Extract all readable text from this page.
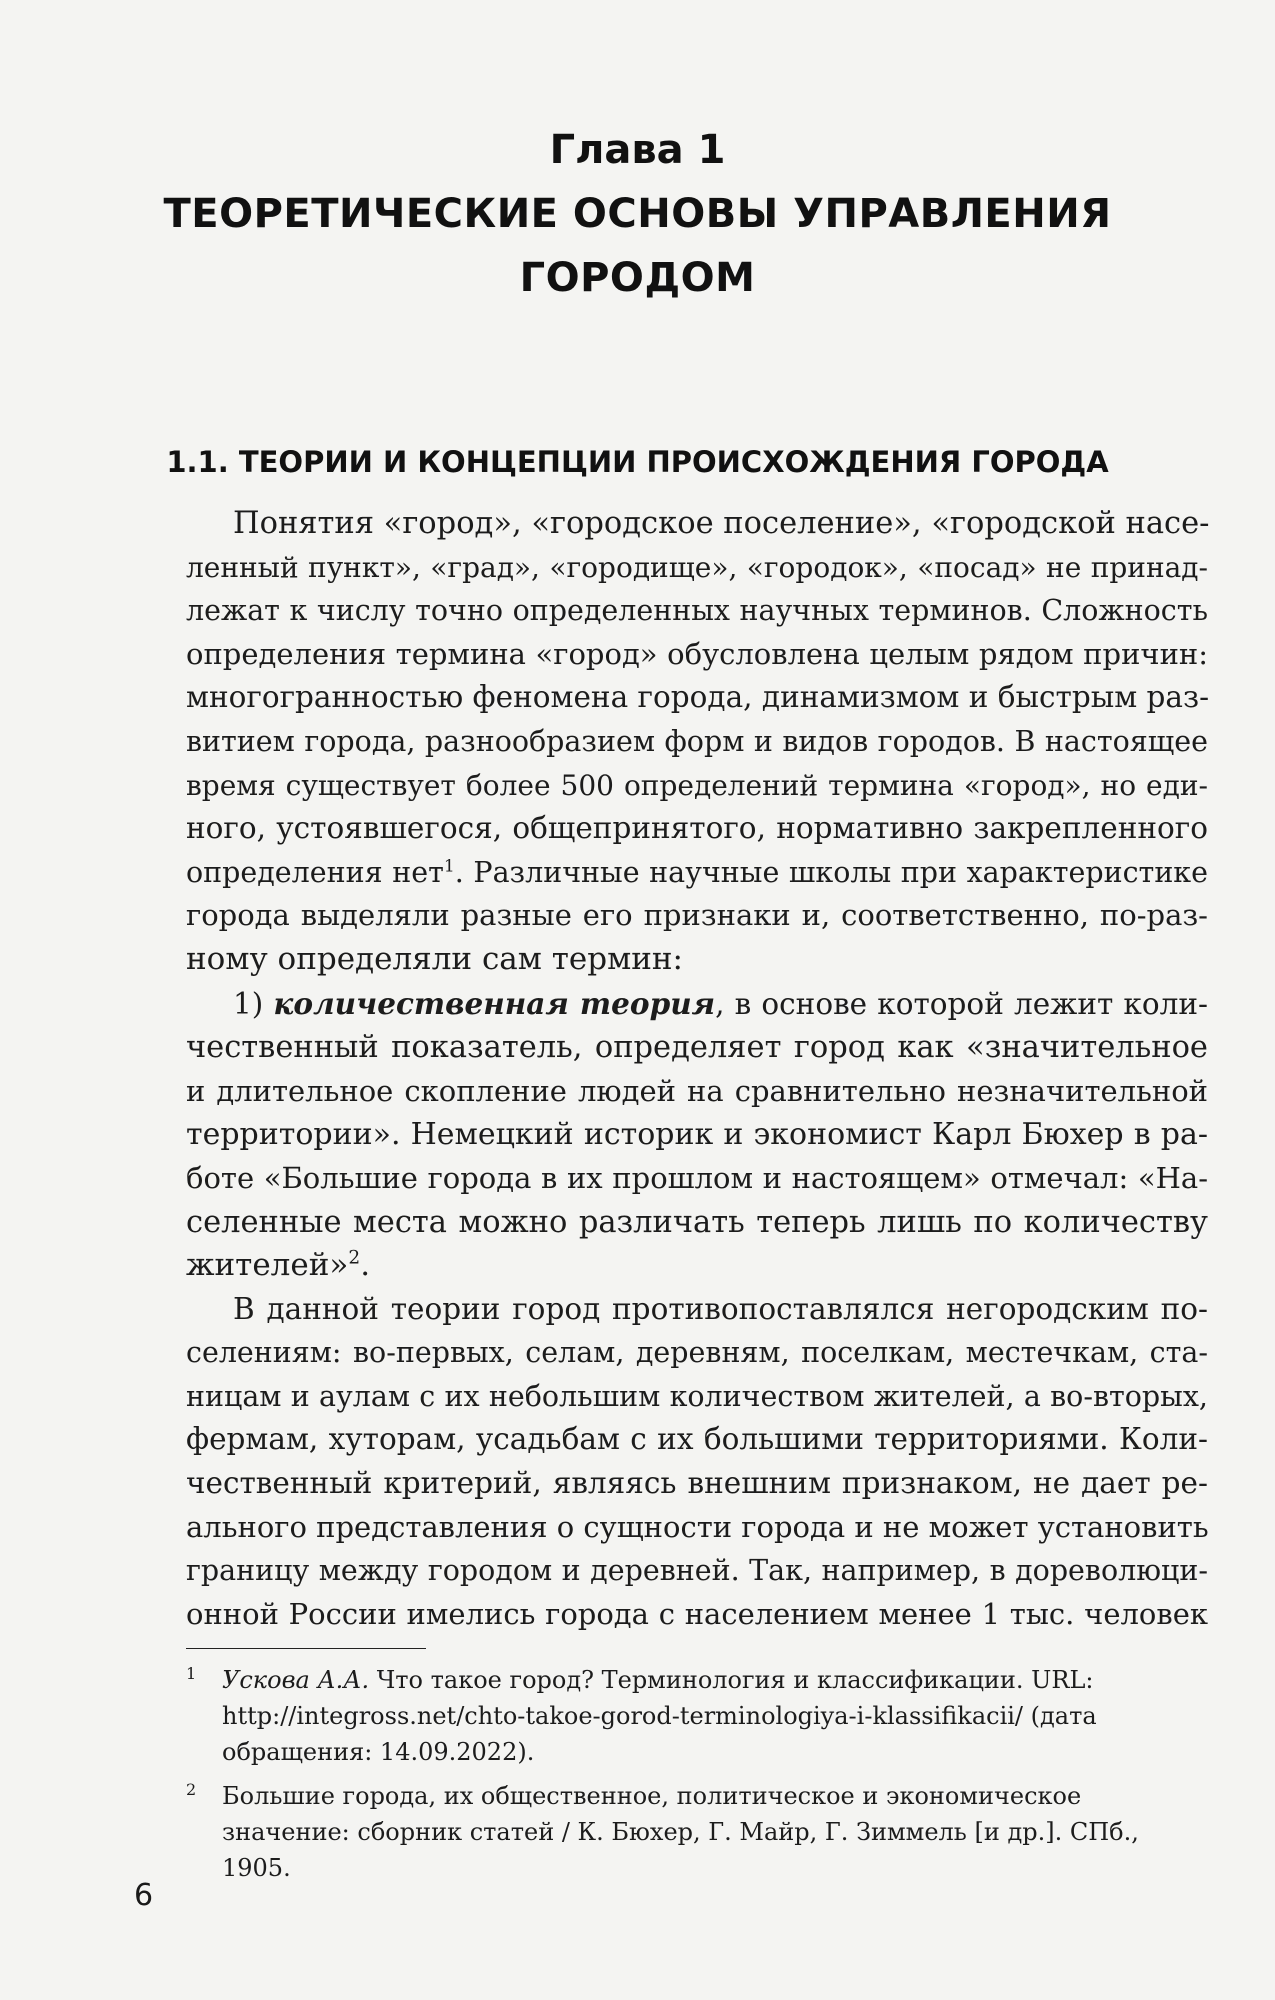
Глава 1
ТЕОРЕТИЧЕСКИЕ ОСНОВЫ УПРАВЛЕНИЯ
ГОРОДОМ
1.1. ТЕОРИИ И КОНЦЕПЦИИ ПРОИСХОЖДЕНИЯ ГОРОДА
Понятия «город», «городское поселение», «городской насе-
ленный пункт», «град», «городище», «городок», «посад» не принад-
лежат к числу точно определенных научных терминов. Сложность
определения термина «город» обусловлена целым рядом причин:
многогранностью феномена города, динамизмом и быстрым раз-
витием города, разнообразием форм и видов городов. В настоящее
время существует более 500 определений термина «город», но еди-
ного, устоявшегося, общепринятого, нормативно закрепленного
определения нет$^1$. Различные научные школы при характеристике
города выделяли разные его признаки и, соответственно, по-раз-
ному определяли сам термин:
1) количественная теория, в основе которой лежит коли-
чественный показатель, определяет город как «значительное
и длительное скопление людей на сравнительно незначительной
территории». Немецкий историк и экономист Карл Бюхер в ра-
боте «Большие города в их прошлом и настоящем» отмечал: «На-
селенные места можно различать теперь лишь по количеству
жителей»$^2$.
В данной теории город противопоставлялся негородским по-
селениям: во-первых, селам, деревням, поселкам, местечкам, ста-
ницам и аулам с их небольшим количеством жителей, а во-вторых,
фермам, хуторам, усадьбам с их большими территориями. Коли-
чественный критерий, являясь внешним признаком, не дает ре-
ального представления о сущности города и не может установить
границу между городом и деревней. Так, например, в дореволюци-
онной России имелись города с населением менее 1 тыс. человек
1 Ускова А.А. Что такое город? Терминология и классификации. URL: http://integross.net/chto-takoe-gorod-terminologiya-i-klassifikacii/ (дата обращения: 14.09.2022).
2 Большие города, их общественное, политическое и экономическое значение: сборник статей / К. Бюхер, Г. Майр, Г. Зиммель [и др.]. СПб., 1905.
6
